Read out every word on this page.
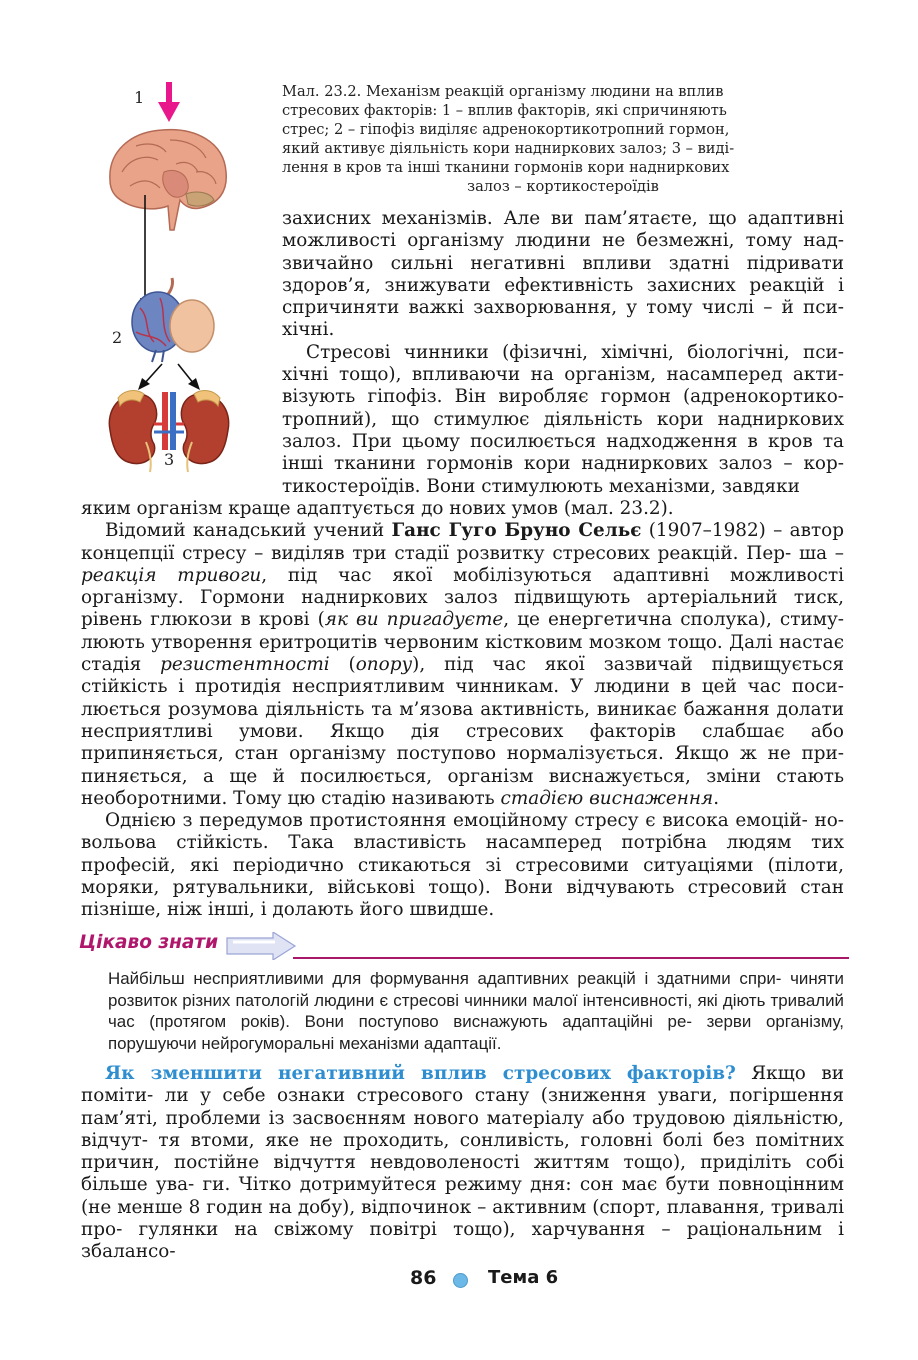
1
2
3
Мал. 23.2. Механізм реакцій організму людини на вплив
стресових факторів: 1 – вплив факторів, які спричиняють
стрес; 2 – гіпофіз виділяє адренокортикотропний гормон,
який активує діяльність кори надниркових залоз; 3 – виді-
лення в кров та інші тканини гормонів кори надниркових
залоз – кортикостероїдів

захисних механізмів. Але ви пам’ятаєте, що адаптивні можливості організму людини не безмежні, тому над- звичайно сильні негативні впливи здатні підривати здоров’я, знижувати ефективність захисних реакцій і спричиняти важкі захворювання, у тому числі – й пси- хічні.

Стресові чинники (фізичні, хімічні, біологічні, пси- хічні тощо), впливаючи на організм, насамперед акти- візують гіпофіз. Він виробляє гормон (адренокортико- тропний), що стимулює діяльність кори надниркових залоз. При цьому посилюється надходження в кров та інші тканини гормонів кори надниркових залоз – кор- тикостероїдів. Вони стимулюють механізми, завдяки

яким організм краще адаптується до нових умов (мал. 23.2).

Відомий канадський учений Ганс Гуго Бруно Сельє (1907–1982) – автор концепції стресу – виділяв три стадії розвитку стресових реакцій. Пер- ша – реакція тривоги, під час якої мобілізуються адаптивні можливості організму. Гормони надниркових залоз підвищують артеріальний тиск, рівень глюкози в крові (як ви пригадуєте, це енергетична сполука), стиму- люють утворення еритроцитів червоним кістковим мозком тощо. Далі настає стадія резистентності (опору), під час якої зазвичай підвищується стійкість і протидія несприятливим чинникам. У людини в цей час поси- люється розумова діяльність та м’язова активність, виникає бажання долати несприятливі умови. Якщо дія стресових факторів слабшає або припиняється, стан організму поступово нормалізується. Якщо ж не при- пиняється, а ще й посилюється, організм виснажується, зміни стають необоротними. Тому цю стадію називають стадією виснаження.

Однією з передумов протистояння емоційному стресу є висока емоцій- но-вольова стійкість. Така властивість насамперед потрібна людям тих професій, які періодично стикаються зі стресовими ситуаціями (пілоти, моряки, рятувальники, військові тощо). Вони відчувають стресовий стан пізніше, ніж інші, і долають його швидше.

Цікаво знати
Найбільш несприятливими для формування адаптивних реакцій і здатними спри- чиняти розвиток різних патологій людини є стресові чинники малої інтенсивності, які діють тривалий час (протягом років). Вони поступово виснажують адаптаційні ре- зерви організму, порушуючи нейрогуморальні механізми адаптації.

Як зменшити негативний вплив стресових факторів? Якщо ви поміти- ли у себе ознаки стресового стану (зниження уваги, погіршення пам’яті, проблеми із засвоєнням нового матеріалу або трудовою діяльністю, відчут- тя втоми, яке не проходить, сонливість, головні болі без помітних причин, постійне відчуття невдоволеності життям тощо), приділіть собі більше ува- ги. Чітко дотримуйтеся режиму дня: сон має бути повноцінним (не менше 8 годин на добу), відпочинок – активним (спорт, плавання, тривалі про- гулянки на свіжому повітрі тощо), харчування – раціональним і збалансо-

86	Тема 6
